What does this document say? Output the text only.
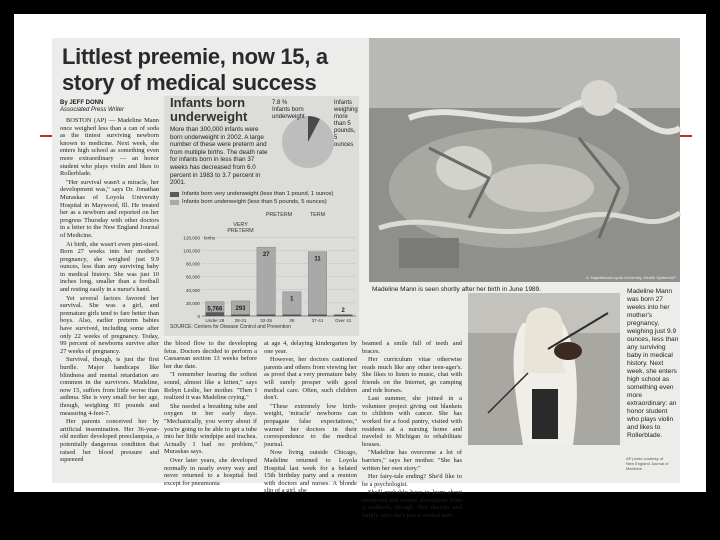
Littlest preemie, now 15, a story of medical success
By JEFF DONN
Associated Press Writer

BOSTON (AP) — Madeline Mann once weighed less than a can of soda as the tiniest surviving newborn known to medicine. Next week, she enters high school as something even more extraordinary — an honor student who plays violin and likes to Rollerblade.

"Her survival wasn't a miracle, her development was," says Dr. Jonathan Muraskas of Loyola University Hospital in Maywood, Ill. He treated her as a newborn and reported on her progress Thursday with other doctors in a letter to the New England Journal of Medicine.

At birth, she wasn't even pint-sized. Born 27 weeks into her mother's pregnancy, she weighed just 9.9 ounces, less than any surviving baby in medical history. She was just 10 inches long, smaller than a football and resting easily in a nurse's hand.

Yet several factors favored her survival. She was a girl, and premature girls tend to fare better than boys. Also, earlier preterm babies have survived, including some after only 22 weeks of pregnancy. Today, 99 percent of newborns survive after 27 weeks of pregnancy.

Survival, though, is just the first hurdle. Major handicaps like blindness and mental retardation are common in the survivors. Madeline, now 15, suffers from little worse than asthma. She is very small for her age, though, weighing 81 pounds and measuring 4-feet-7.

Her parents conceived her by artificial insemination. Her 36-year-old mother developed preeclampsia, a potentially dangerous condition that raised her blood pressure and squeezed

Infants born
underweight
More than 300,000 infants were born underweight in 2002. A large number of these were preterm and from multiple births. The death rate for infants born in less than 37 weeks has decreased from 6.0 percent in 1983 to 3.7 percent in 2001.
7.8 %
Infants born
underweight
Infants
weighing
more than 5
pounds, 5
ounces
Infants born very underweight (less than 1 pound, 1 ounce)
Infants born underweight (less than 5 pounds, 5 ounces)
0
20,000
40,000
60,000
80,000
100,000
120,000 births
5,766
Under 28
293
28-31
27
32-35
1
36
11
37-41
2
Over 41
VERY
PRETERM
PRETERM	TERM
SOURCE: Centers for Disease Control and Prevention
A. Napolitano/Loyola University, Health System/AP
Madeline Mann is seen shortly after her birth in June 1989.

the blood flow to the developing fetus. Doctors decided to perform a Caesarean section 13 weeks before her due date.

"I remember hearing the softest sound, almost like a kitten," says Robyn Leslie, her mother. "Then I realized it was Madeline crying."

She needed a breathing tube and oxygen in her early days. "Mechanically, you worry about if you're going to be able to get a tube into her little windpipe and trachea. Actually I had no problem," Muraskas says.

Over later years, she developed normally in nearly every way and never returned to a hospital bed except for pneumonia

at age 4, delaying kindergarten by one year.

However, her doctors cautioned parents and others from viewing her as proof that a very premature baby will surely prosper with good medical care. Often, such children don't.

"These extremely low birth-weight, 'miracle' newborns can propagate false expectations," warned her doctors in their correspondence to the medical journal.

Now living outside Chicago, Madeline returned to Loyola Hospital last week for a belated 15th birthday party and a reunion with doctors and nurses. A blonde slip of a girl, she

beamed a smile full of teeth and braces.

Her curriculum vitae otherwise reads much like any other teen-ager's. She likes to listen to music, chat with friends on the Internet, go camping and ride horses.

Last summer, she joined in a volunteer project giving out blankets to children with cancer. She has worked for a food pantry, visited with residents at a nursing home and traveled to Michigan to rehabilitate houses.

"Madeline has overcome a lot of barriers," says her mother. "She has written her own story."

Her fairy-tale ending? She'd like to be a psychologist.

She'll probably have to learn about emotional and mental aberrations from a textbook, though. Her doctors and family says she's just a normal teen.

AP photo courtesy of
New England Journal of Medicine
Madeline Mann was born 27 weeks into her mother's pregnancy, weighing just 9.9 ounces, less than any surviving baby in medical history. Next week, she enters high school as something even more extraordinary: an honor student who plays violin and likes to Rollerblade.
